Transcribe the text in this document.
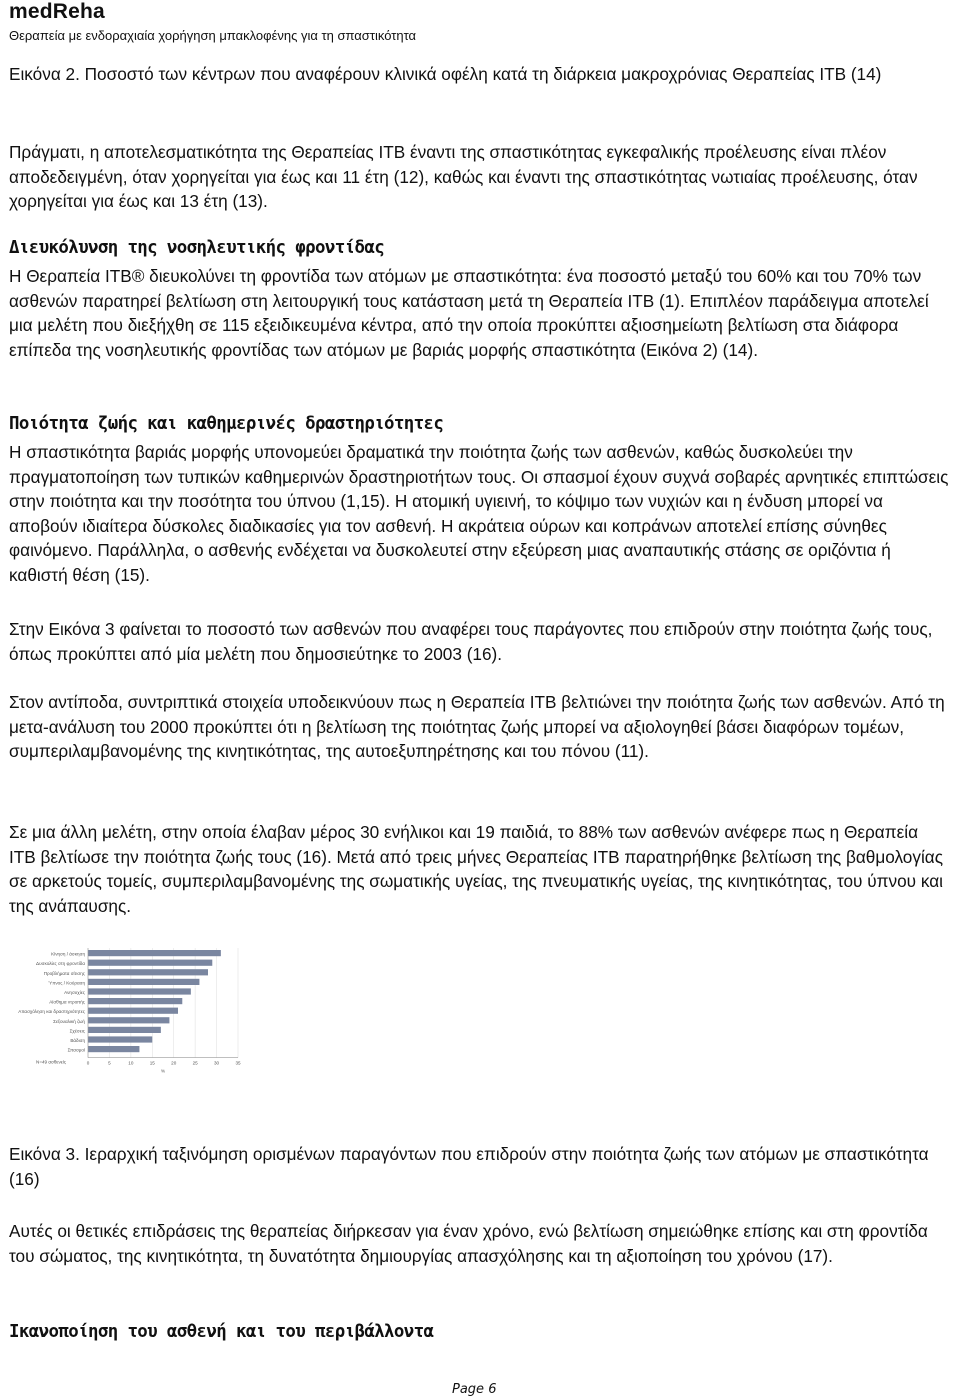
medReha
Θεραπεία με ενδοραχιαία χορήγηση μπακλοφένης για τη σπαστικότητα

Εικόνα 2. Ποσοστό των κέντρων που αναφέρουν κλινικά οφέλη κατά τη διάρκεια μακροχρόνιας Θεραπείας ITB (14)

Πράγματι, η αποτελεσματικότητα της Θεραπείας ITB έναντι της σπαστικότητας εγκεφαλικής προέλευσης είναι πλέον αποδεδειγμένη, όταν χορηγείται για έως και 11 έτη (12), καθώς και έναντι της σπαστικότητας νωτιαίας προέλευσης, όταν χορηγείται για έως και 13 έτη (13).

Διευκόλυνση της νοσηλευτικής φροντίδας

Η Θεραπεία ITB® διευκολύνει τη φροντίδα των ατόμων με σπαστικότητα: ένα ποσοστό μεταξύ του 60% και του 70% των ασθενών παρατηρεί βελτίωση στη λειτουργική τους κατάσταση μετά τη Θεραπεία ITB (1). Επιπλέον παράδειγμα αποτελεί μια μελέτη που διεξήχθη σε 115 εξειδικευμένα κέντρα, από την οποία προκύπτει αξιοσημείωτη βελτίωση στα διάφορα επίπεδα της νοσηλευτικής φροντίδας των ατόμων με βαριάς μορφής σπαστικότητα (Εικόνα 2) (14).

Ποιότητα ζωής και καθημερινές δραστηριότητες

Η σπαστικότητα βαριάς μορφής υπονομεύει δραματικά την ποιότητα ζωής των ασθενών, καθώς δυσκολεύει την πραγματοποίηση των τυπικών καθημερινών δραστηριοτήτων τους. Οι σπασμοί έχουν συχνά σοβαρές αρνητικές επιπτώσεις στην ποιότητα και την ποσότητα του ύπνου (1,15). Η ατομική υγιεινή, το κόψιμο των νυχιών και η ένδυση μπορεί να αποβούν ιδιαίτερα δύσκολες διαδικασίες για τον ασθενή. Η ακράτεια ούρων και κοπράνων αποτελεί επίσης σύνηθες φαινόμενο. Παράλληλα, ο ασθενής ενδέχεται να δυσκολευτεί στην εξεύρεση μιας αναπαυτικής στάσης σε οριζόντια ή καθιστή θέση (15).

Στην Εικόνα 3 φαίνεται το ποσοστό των ασθενών που αναφέρει τους παράγοντες που επιδρούν στην ποιότητα ζωής τους, όπως προκύπτει από μία μελέτη που δημοσιεύτηκε το 2003 (16).

Στον αντίποδα, συντριπτικά στοιχεία υποδεικνύουν πως η Θεραπεία ITB βελτιώνει την ποιότητα ζωής των ασθενών. Από τη μετα-ανάλυση του 2000 προκύπτει ότι η βελτίωση της ποιότητας ζωής μπορεί να αξιολογηθεί βάσει διαφόρων τομέων, συμπεριλαμβανομένης της κινητικότητας, της αυτοεξυπηρέτησης και του πόνου (11).

Σε μια άλλη μελέτη, στην οποία έλαβαν μέρος 30 ενήλικοι και 19 παιδιά, το 88% των ασθενών ανέφερε πως η Θεραπεία ITB βελτίωσε την ποιότητα ζωής τους (16). Μετά από τρεις μήνες Θεραπείας ITB παρατηρήθηκε βελτίωση της βαθμολογίας σε αρκετούς τομείς, συμπεριλαμβανομένης της σωματικής υγείας, της πνευματικής υγείας, της κινητικότητας, του ύπνου και της ανάπαυσης.

Κίνηση / άσκηση
Δυσκολίες στη φροντίδα
Προβλήματα σίτισης
Ύπνος / Κούραση
Ανησυχίες
Αίσθημα ντροπής
Απασχόληση και δραστηριότητες
Σεξουαλική ζωή
Σχέσεις
Βάδιση
Σπασμοί
0	5	10	15	20	25	30	35
%
N=49 ασθενείς

Εικόνα 3. Ιεραρχική ταξινόμηση ορισμένων παραγόντων που επιδρούν στην ποιότητα ζωής των ατόμων με σπαστικότητα (16)

Αυτές οι θετικές επιδράσεις της θεραπείας διήρκεσαν για έναν χρόνο, ενώ βελτίωση σημειώθηκε επίσης και στη φροντίδα του σώματος, της κινητικότητα, τη δυνατότητα δημιουργίας απασχόλησης και τη αξιοποίηση του χρόνου (17).

Ικανοποίηση του ασθενή και του περιβάλλοντα
Page 6
